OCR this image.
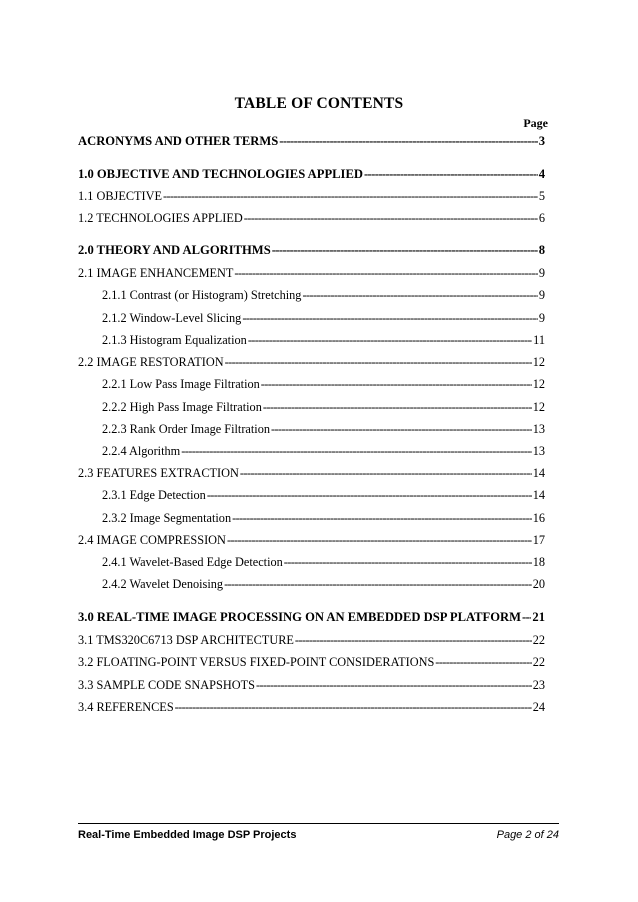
TABLE OF CONTENTS
Page
ACRONYMS AND OTHER TERMS -----	3
1.0 OBJECTIVE AND TECHNOLOGIES APPLIED -----	4
1.1 OBJECTIVE -----	5
1.2 TECHNOLOGIES APPLIED -----	6
2.0 THEORY AND ALGORITHMS -----	8
2.1 IMAGE ENHANCEMENT -----	9
2.1.1 Contrast (or Histogram) Stretching -----	9
2.1.2 Window-Level Slicing -----	9
2.1.3 Histogram Equalization -----	11
2.2 IMAGE RESTORATION -----	12
2.2.1 Low Pass Image Filtration -----	12
2.2.2 High Pass Image Filtration -----	12
2.2.3 Rank Order Image Filtration -----	13
2.2.4 Algorithm -----	13
2.3 FEATURES EXTRACTION -----	14
2.3.1 Edge Detection -----	14
2.3.2 Image Segmentation -----	16
2.4 IMAGE COMPRESSION -----	17
2.4.1 Wavelet-Based Edge Detection -----	18
2.4.2 Wavelet Denoising -----	20
3.0 REAL-TIME IMAGE PROCESSING ON AN EMBEDDED DSP PLATFORM ----- 21
3.1 TMS320C6713 DSP ARCHITECTURE -----	22
3.2 FLOATING-POINT VERSUS FIXED-POINT CONSIDERATIONS -----	22
3.3 SAMPLE CODE SNAPSHOTS -----	23
3.4 REFERENCES -----	24
Real-Time Embedded Image DSP Projects	Page 2 of 24
